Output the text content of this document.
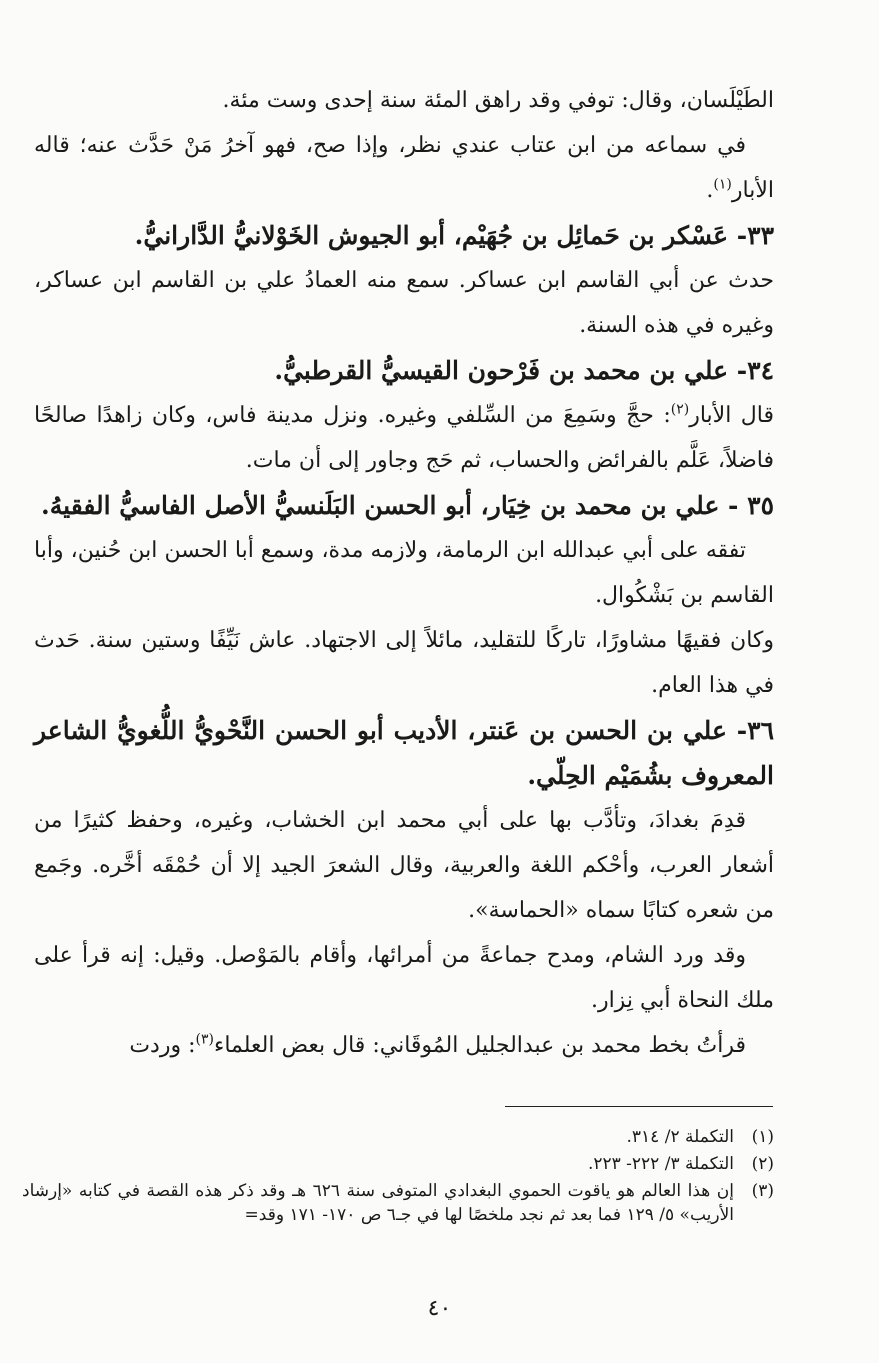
الطَيْلَسان، وقال: توفي وقد راهق المئة سنة إحدى وست مئة.

في سماعه من ابن عتاب عندي نظر، وإذا صح، فهو آخرُ مَنْ حَدَّث عنه؛ قاله الأبار$^{(١)}$.

٣٣- عَسْكر بن حَمائِل بن جُهَيْم، أبو الجيوش الخَوْلانيُّ الدَّارانيُّ.

حدث عن أبي القاسم ابن عساكر. سمع منه العمادُ علي بن القاسم ابن عساكر، وغيره في هذه السنة.

٣٤- علي بن محمد بن فَرْحون القيسيُّ القرطبيُّ.

قال الأبار$^{(٢)}$: حجَّ وسَمِعَ من السِّلفي وغيره. ونزل مدينة فاس، وكان زاهدًا صالحًا فاضلاً، عَلَّم بالفرائض والحساب، ثم حَج وجاور إلى أن مات.

٣٥ - علي بن محمد بن خِيَار، أبو الحسن البَلَنسيُّ الأصل الفاسيُّ الفقيهُ.

تفقه على أبي عبدالله ابن الرمامة، ولازمه مدة، وسمع أبا الحسن ابن حُنين، وأبا القاسم بن بَشْكُوال.

وكان فقيهًا مشاورًا، تاركًا للتقليد، مائلاً إلى الاجتهاد. عاش نَيِّفًا وستين سنة. حَدث في هذا العام.

٣٦- علي بن الحسن بن عَنتر، الأديب أبو الحسن النَّحْويُّ اللُّغويُّ الشاعر المعروف بشُمَيْم الحِلّي.

قدِمَ بغدادَ، وتأدَّب بها على أبي محمد ابن الخشاب، وغيره، وحفظ كثيرًا من أشعار العرب، وأحْكم اللغة والعربية، وقال الشعرَ الجيد إلا أن حُمْقَه أخَّره. وجَمع من شعره كتابًا سماه «الحماسة».

وقد ورد الشام، ومدح جماعةً من أمرائها، وأقام بالمَوْصل. وقيل: إنه قرأ على ملك النحاة أبي نِزار.

قرأتُ بخط محمد بن عبدالجليل المُوقَاني: قال بعض العلماء$^{(٣)}$: وردت

(١)
التكملة ٢/ ٣١٤.
(٢)
التكملة ٣/ ٢٢٢- ٢٢٣.
(٣)
إن هذا العالم هو ياقوت الحموي البغدادي المتوفى سنة ٦٢٦ هـ وقد ذكر هذه القصة في كتابه «إرشاد الأريب» ٥/ ١٢٩ فما بعد ثم نجد ملخصًا لها في جـ٦ ص ١٧٠- ١٧١ وقد=
٤٠
